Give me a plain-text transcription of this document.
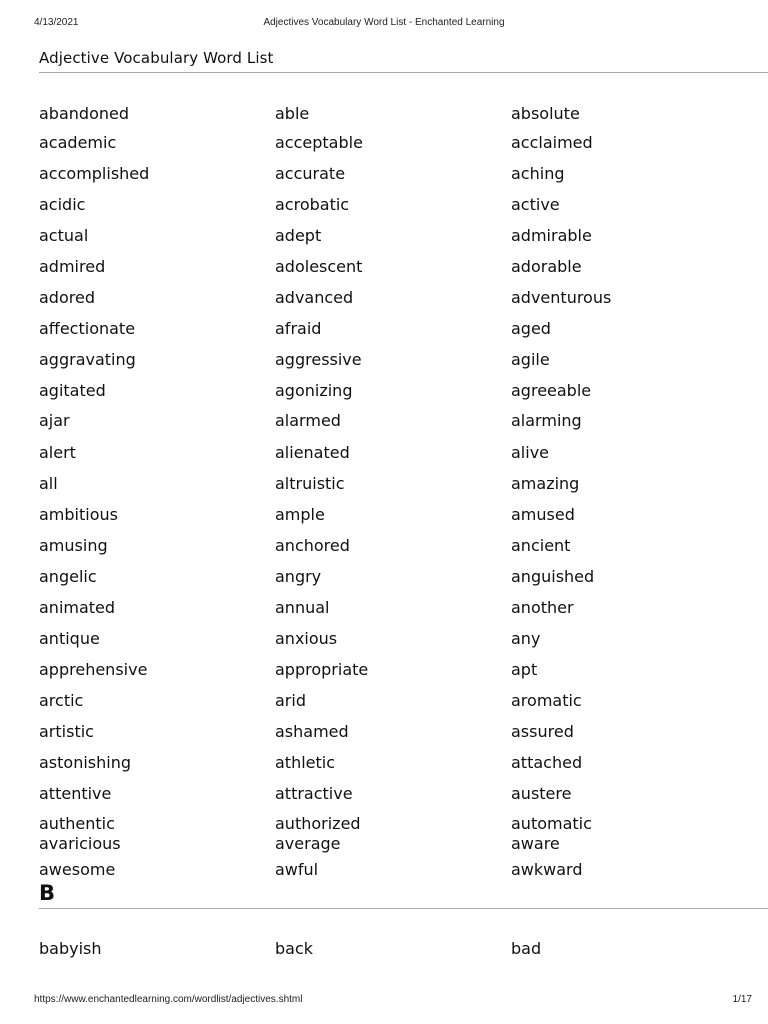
4/13/2021	Adjectives Vocabulary Word List - Enchanted Learning
Adjective Vocabulary Word List
abandoned	able	absolute
academic	acceptable	acclaimed
accomplished	accurate	aching
acidic	acrobatic	active
actual	adept	admirable
admired	adolescent	adorable
adored	advanced	adventurous
affectionate	afraid	aged
aggravating	aggressive	agile
agitated	agonizing	agreeable
ajar	alarmed	alarming
alert	alienated	alive
all	altruistic	amazing
ambitious	ample	amused
amusing	anchored	ancient
angelic	angry	anguished
animated	annual	another
antique	anxious	any
apprehensive	appropriate	apt
arctic	arid	aromatic
artistic	ashamed	assured
astonishing	athletic	attached
attentive	attractive	austere
authentic	authorized	automatic
avaricious	average	aware
awesome	awful	awkward
B
babyish	back	bad
https://www.enchantedlearning.com/wordlist/adjectives.shtml	1/17
